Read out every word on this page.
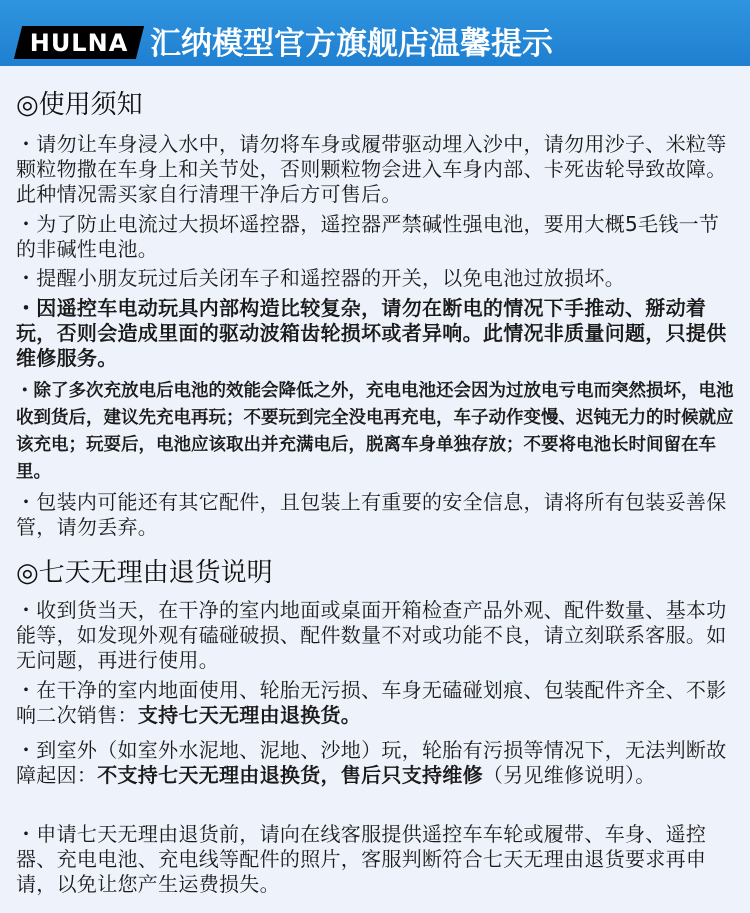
HULNA 汇纳模型官方旗舰店温馨提示
◎使用须知

・请勿让车身浸入水中，请勿将车身或履带驱动埋入沙中，请勿用沙子、米粒等颗粒物撒在车身上和关节处，否则颗粒物会进入车身内部、卡死齿轮导致故障。此种情况需买家自行清理干净后方可售后。

・为了防止电流过大损坏遥控器，遥控器严禁碱性强电池，要用大概5毛钱一节的非碱性电池。

・提醒小朋友玩过后关闭车子和遥控器的开关，以免电池过放损坏。

・因遥控车电动玩具内部构造比较复杂，请勿在断电的情况下手推动、掰动着玩，否则会造成里面的驱动波箱齿轮损坏或者异响。此情况非质量问题，只提供维修服务。

・除了多次充放电后电池的效能会降低之外，充电电池还会因为过放电亏电而突然损坏，电池收到货后，建议先充电再玩；不要玩到完全没电再充电，车子动作变慢、迟钝无力的时候就应该充电；玩耍后，电池应该取出并充满电后，脱离车身单独存放；不要将电池长时间留在车里。

・包装内可能还有其它配件，且包装上有重要的安全信息，请将所有包装妥善保管，请勿丢弃。

◎七天无理由退货说明

・收到货当天，在干净的室内地面或桌面开箱检查产品外观、配件数量、基本功能等，如发现外观有磕碰破损、配件数量不对或功能不良，请立刻联系客服。如无问题，再进行使用。

・在干净的室内地面使用、轮胎无污损、车身无磕碰划痕、包装配件齐全、不影响二次销售：支持七天无理由退换货。

・到室外（如室外水泥地、泥地、沙地）玩，轮胎有污损等情况下，无法判断故障起因：不支持七天无理由退换货，售后只支持维修（另见维修说明）。

・申请七天无理由退货前，请向在线客服提供遥控车车轮或履带、车身、遥控器、充电电池、充电线等配件的照片，客服判断符合七天无理由退货要求再申请，以免让您产生运费损失。
